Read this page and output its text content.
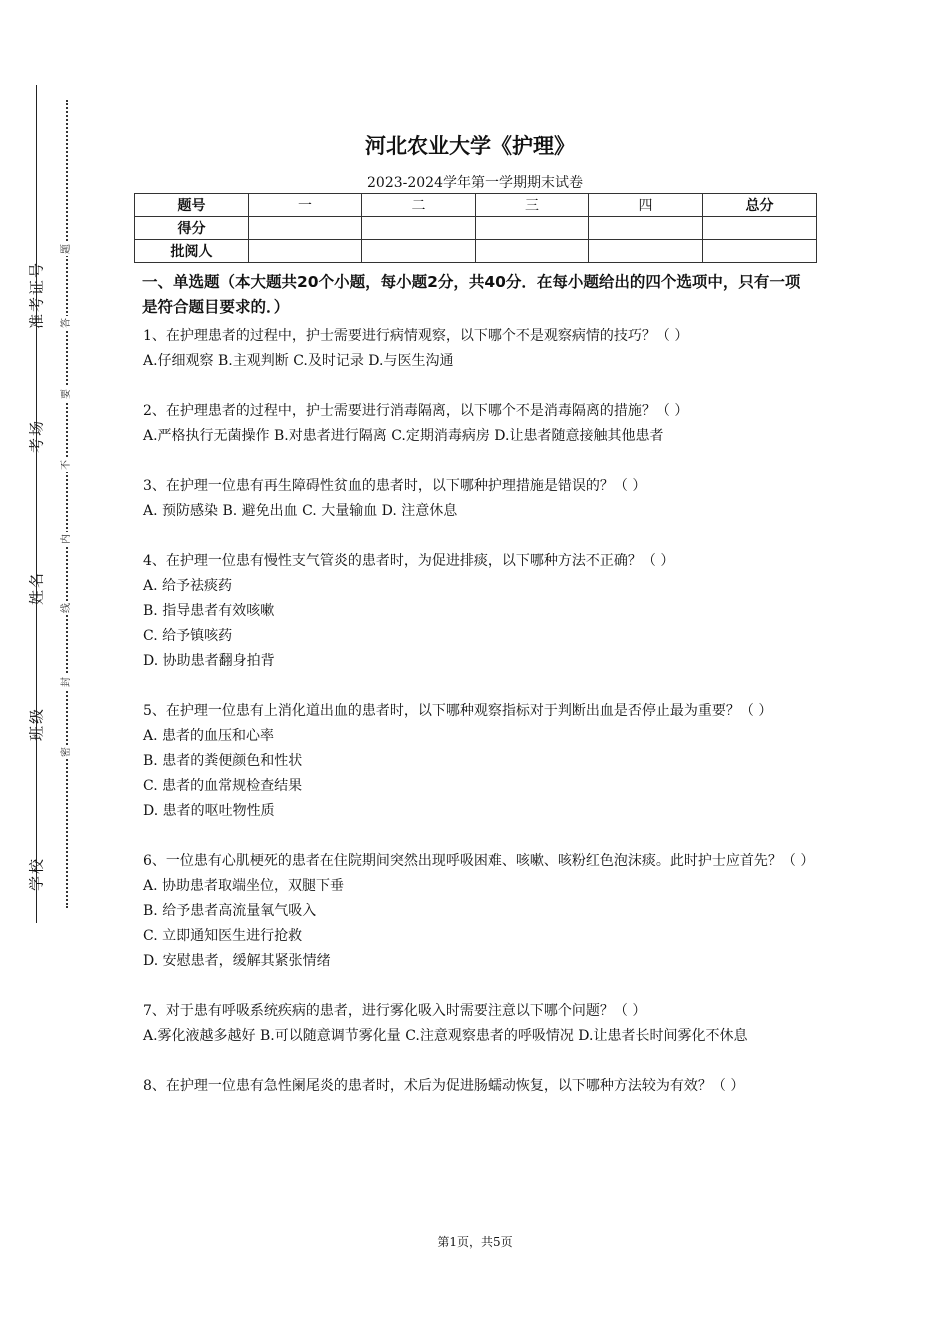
准
考
证
号
考
场
姓
名
班
级
学
校
题
答
要
不
内
线
封
密
河北农业大学《护理》
2023-2024学年第一学期期末试卷
题号	一	二	三	四	总分
得分					
批阅人					
一、单选题（本大题共20个小题，每小题2分，共40分．在每小题给出的四个选项中，只有一项是符合题目要求的．）
1、在护理患者的过程中，护士需要进行病情观察，以下哪个不是观察病情的技巧？（ ）
A.仔细观察 B.主观判断 C.及时记录 D.与医生沟通
2、在护理患者的过程中，护士需要进行消毒隔离，以下哪个不是消毒隔离的措施？（ ）
A.严格执行无菌操作 B.对患者进行隔离 C.定期消毒病房 D.让患者随意接触其他患者
3、在护理一位患有再生障碍性贫血的患者时，以下哪种护理措施是错误的？（ ）
A. 预防感染 B. 避免出血 C. 大量输血 D. 注意休息
4、在护理一位患有慢性支气管炎的患者时，为促进排痰，以下哪种方法不正确？（ ）
A. 给予祛痰药
B. 指导患者有效咳嗽
C. 给予镇咳药
D. 协助患者翻身拍背
5、在护理一位患有上消化道出血的患者时，以下哪种观察指标对于判断出血是否停止最为重要？（ ）
A. 患者的血压和心率
B. 患者的粪便颜色和性状
C. 患者的血常规检查结果
D. 患者的呕吐物性质
6、一位患有心肌梗死的患者在住院期间突然出现呼吸困难、咳嗽、咳粉红色泡沫痰。此时护士应首先？（ ）
A. 协助患者取端坐位，双腿下垂
B. 给予患者高流量氧气吸入
C. 立即通知医生进行抢救
D. 安慰患者，缓解其紧张情绪
7、对于患有呼吸系统疾病的患者，进行雾化吸入时需要注意以下哪个问题？（ ）
A.雾化液越多越好 B.可以随意调节雾化量 C.注意观察患者的呼吸情况 D.让患者长时间雾化不休息
8、在护理一位患有急性阑尾炎的患者时，术后为促进肠蠕动恢复，以下哪种方法较为有效？（ ）
第1页，共5页
